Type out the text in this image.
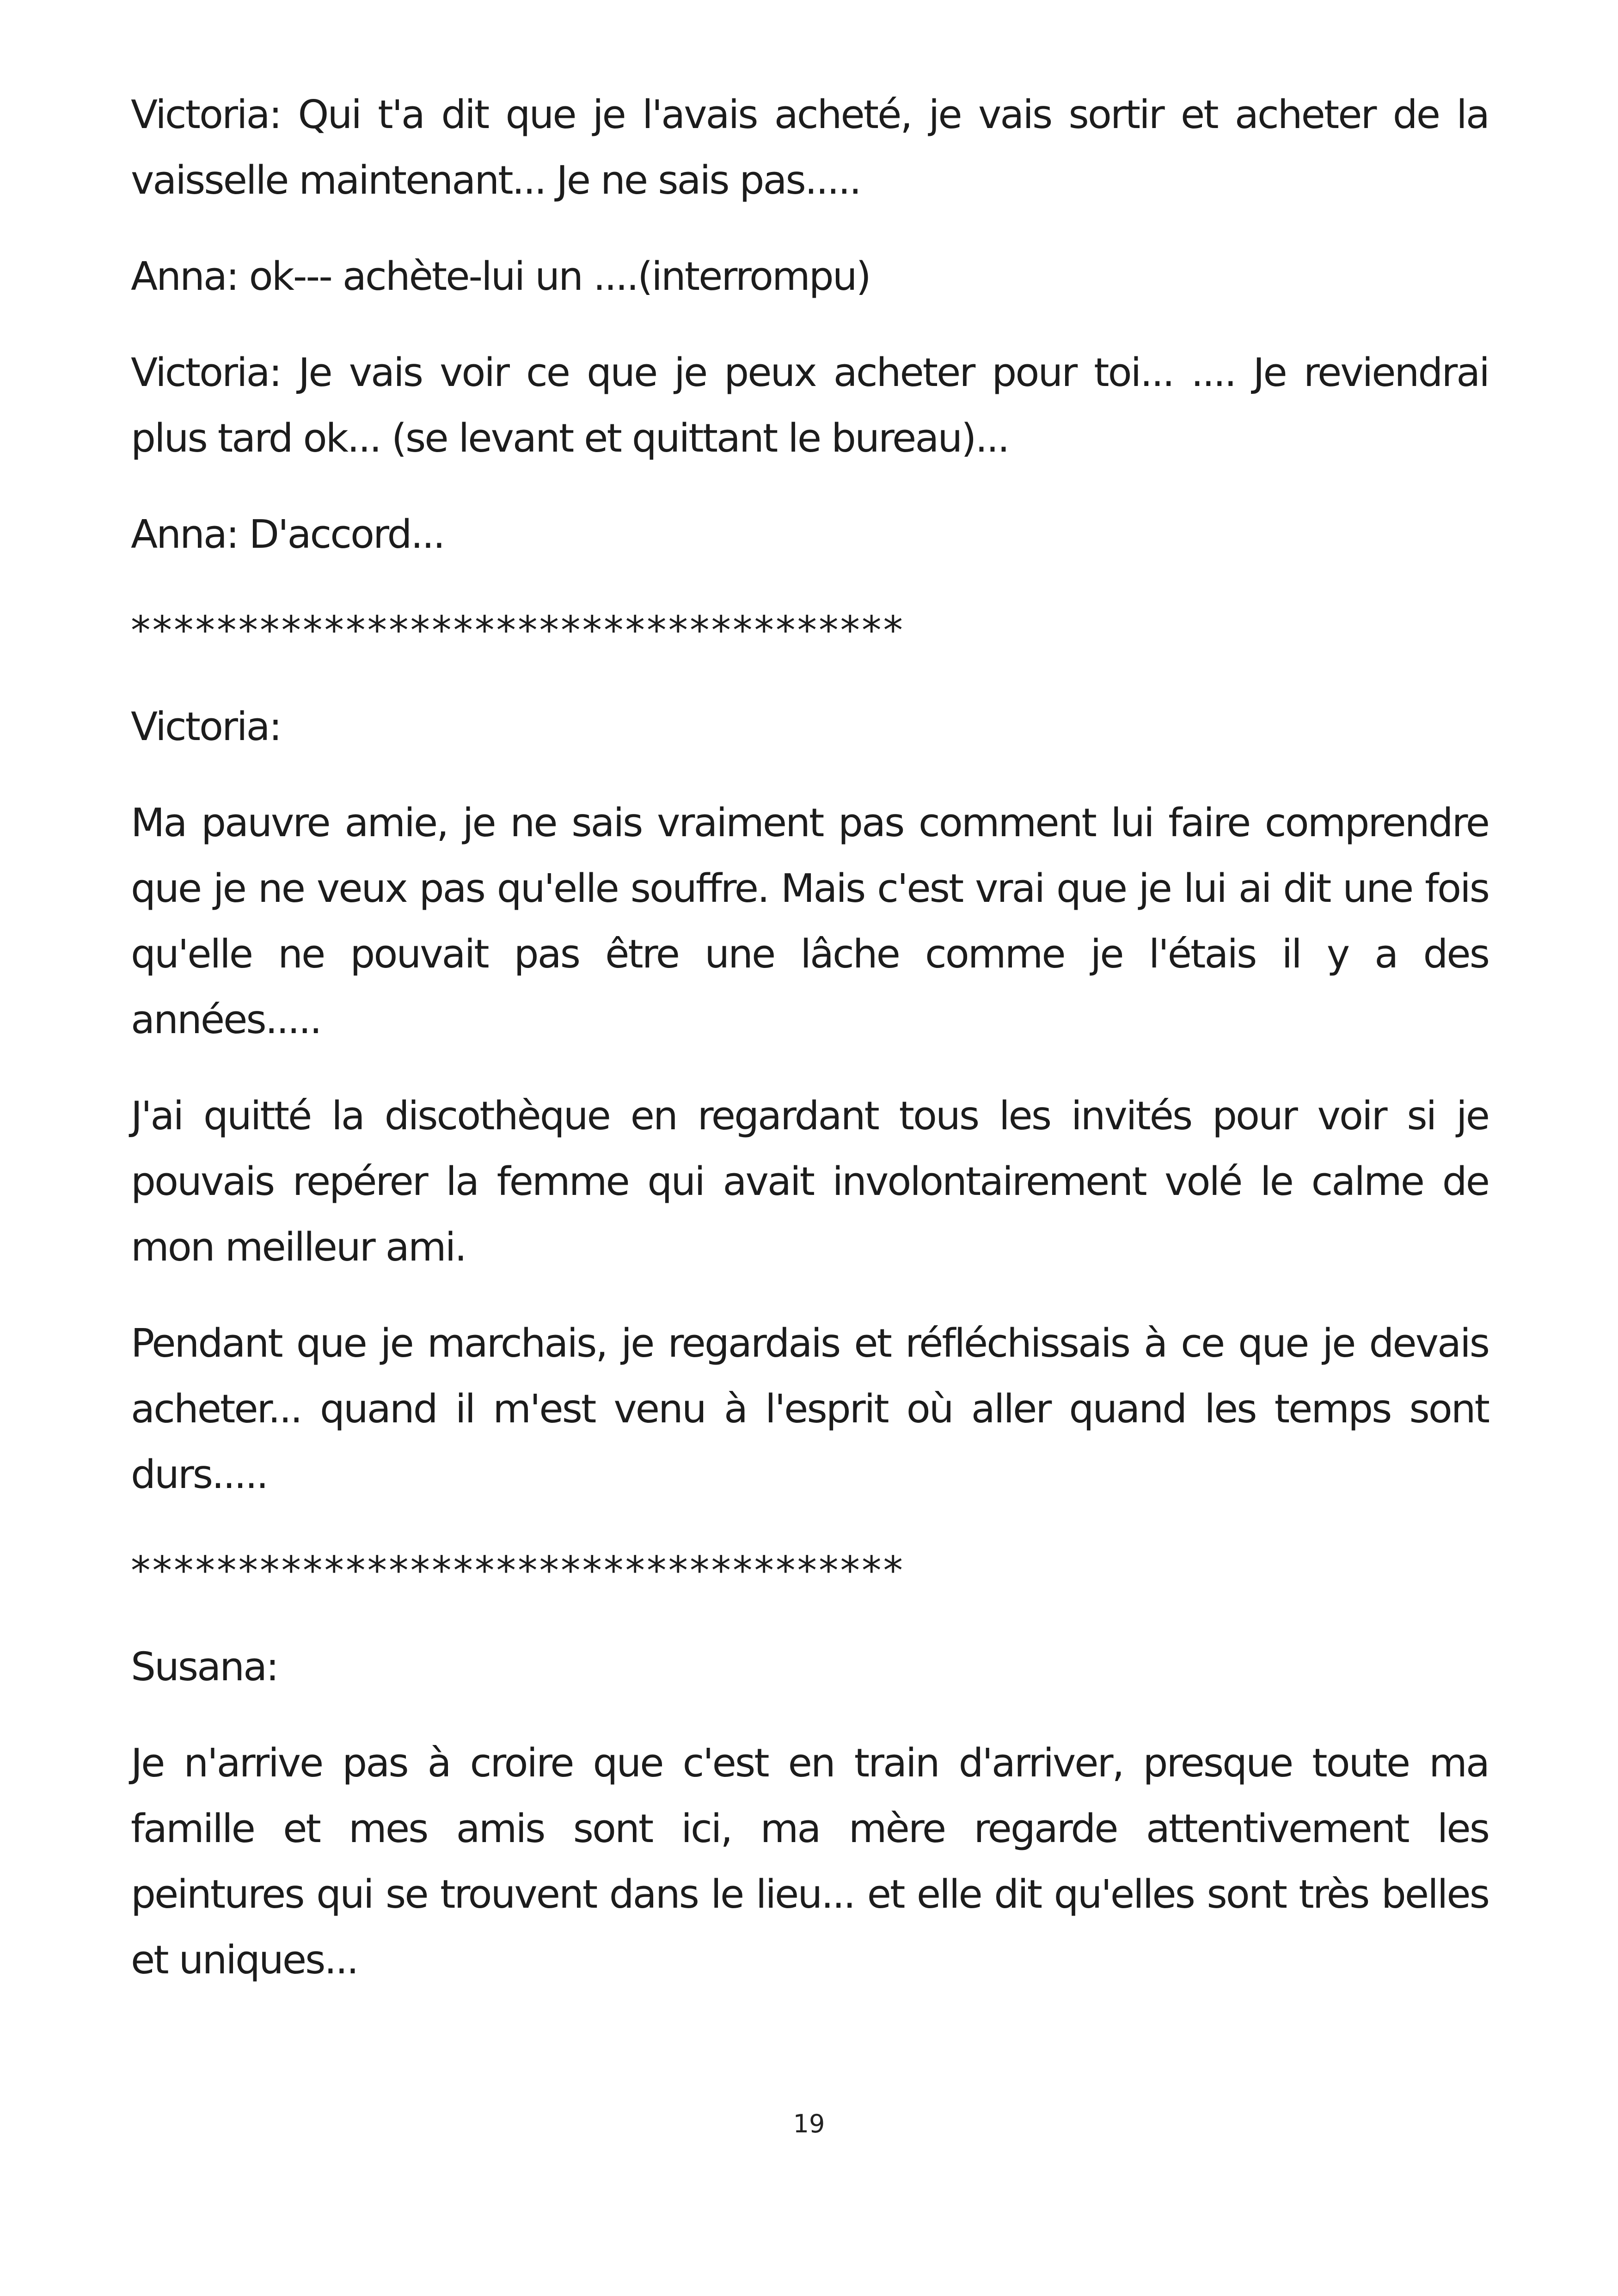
Victoria: Qui t'a dit que je l'avais acheté, je vais sortir et acheter de la vaisselle maintenant... Je ne sais pas.....

Anna: ok--- achète-lui un ....(interrompu)

Victoria: Je vais voir ce que je peux acheter pour toi... .... Je reviendrai plus tard ok... (se levant et quittant le bureau)...

Anna: D'accord...

************************************

Victoria:

Ma pauvre amie, je ne sais vraiment pas comment lui faire comprendre que je ne veux pas qu'elle souffre. Mais c'est vrai que je lui ai dit une fois qu'elle ne pouvait pas être une lâche comme je l'étais il y a des années.....

J'ai quitté la discothèque en regardant tous les invités pour voir si je pouvais repérer la femme qui avait involontairement volé le calme de mon meilleur ami.

Pendant que je marchais, je regardais et réfléchissais à ce que je devais acheter... quand il m'est venu à l'esprit où aller quand les temps sont durs.....

************************************

Susana:

Je n'arrive pas à croire que c'est en train d'arriver, presque toute ma famille et mes amis sont ici, ma mère regarde attentivement les peintures qui se trouvent dans le lieu... et elle dit qu'elles sont très belles et uniques...

19
